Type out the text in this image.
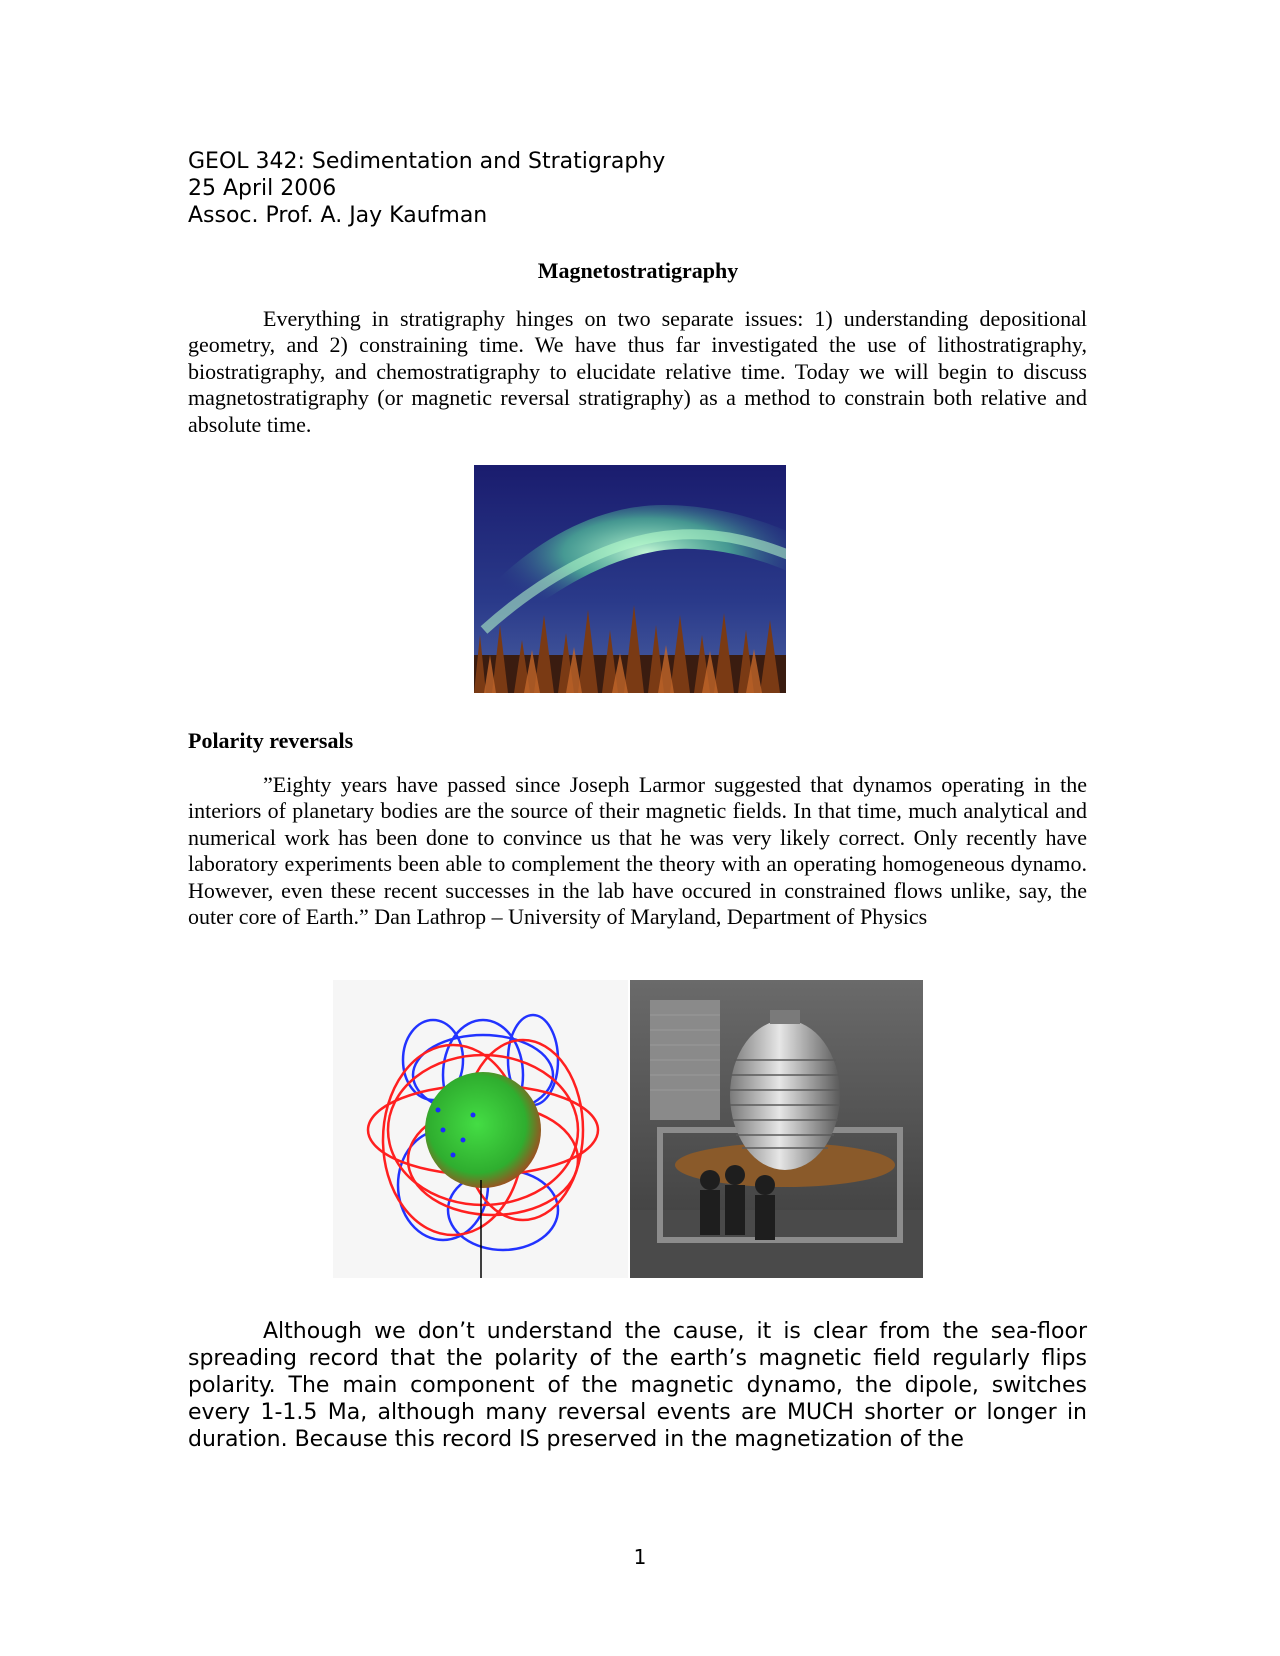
GEOL 342: Sedimentation and Stratigraphy
25 April 2006
Assoc. Prof. A. Jay Kaufman
Magnetostratigraphy

Everything in stratigraphy hinges on two separate issues: 1) understanding depositional geometry, and 2) constraining time. We have thus far investigated the use of lithostratigraphy, biostratigraphy, and chemostratigraphy to elucidate relative time. Today we will begin to discuss magnetostratigraphy (or magnetic reversal stratigraphy) as a method to constrain both relative and absolute time.

Polarity reversals

”Eighty years have passed since Joseph Larmor suggested that dynamos operating in the interiors of planetary bodies are the source of their magnetic fields. In that time, much analytical and numerical work has been done to convince us that he was very likely correct. Only recently have laboratory experiments been able to complement the theory with an operating homogeneous dynamo. However, even these recent successes in the lab have occured in constrained flows unlike, say, the outer core of Earth.” Dan Lathrop – University of Maryland, Department of Physics

Although we don’t understand the cause, it is clear from the sea-floor spreading record that the polarity of the earth’s magnetic field regularly flips polarity. The main component of the magnetic dynamo, the dipole, switches every 1-1.5 Ma, although many reversal events are MUCH shorter or longer in duration. Because this record IS preserved in the magnetization of the

1
